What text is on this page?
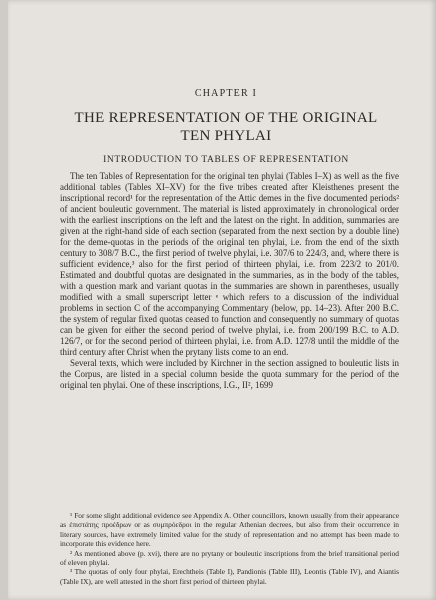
CHAPTER I
THE REPRESENTATION OF THE ORIGINAL
TEN PHYLAI
INTRODUCTION TO TABLES OF REPRESENTATION

The ten Tables of Representation for the original ten phylai (Tables I–X) as well as the five additional tables (Tables XI–XV) for the five tribes created after Kleisthenes present the inscriptional record¹ for the representation of the Attic demes in the five documented periods² of ancient bouleutic government. The material is listed approximately in chronological order with the earliest inscriptions on the left and the latest on the right. In addition, summaries are given at the right-hand side of each section (separated from the next section by a double line) for the deme-quotas in the periods of the original ten phylai, i.e. from the end of the sixth century to 308/7 B.C., the first period of twelve phylai, i.e. 307/6 to 224/3, and, where there is sufficient evidence,³ also for the first period of thirteen phylai, i.e. from 223/2 to 201/0. Estimated and doubtful quotas are designated in the summaries, as in the body of the tables, with a question mark and variant quotas in the summaries are shown in parentheses, usually modified with a small superscript letter ᵉ which refers to a discussion of the individual problems in section C of the accompanying Commentary (below, pp. 14–23). After 200 B.C. the system of regular fixed quotas ceased to function and consequently no summary of quotas can be given for either the second period of twelve phylai, i.e. from 200/199 B.C. to A.D. 126/7, or for the second period of thirteen phylai, i.e. from A.D. 127/8 until the middle of the third century after Christ when the prytany lists come to an end.

Several texts, which were included by Kirchner in the section assigned to bouleutic lists in the Corpus, are listed in a special column beside the quota summary for the period of the original ten phylai. One of these inscriptions, I.G., II², 1699

¹ For some slight additional evidence see Appendix A. Other councillors, known usually from their appearance as ἐπιστάτης προέδρων or as συμπρόεδροι in the regular Athenian decrees, but also from their occurrence in literary sources, have extremely limited value for the study of representation and no attempt has been made to incorporate this evidence here.

² As mentioned above (p. xvi), there are no prytany or bouleutic inscriptions from the brief transitional period of eleven phylai.

³ The quotas of only four phylai, Erechtheis (Table I), Pandionis (Table III), Leontis (Table IV), and Aiantis (Table IX), are well attested in the short first period of thirteen phylai.
